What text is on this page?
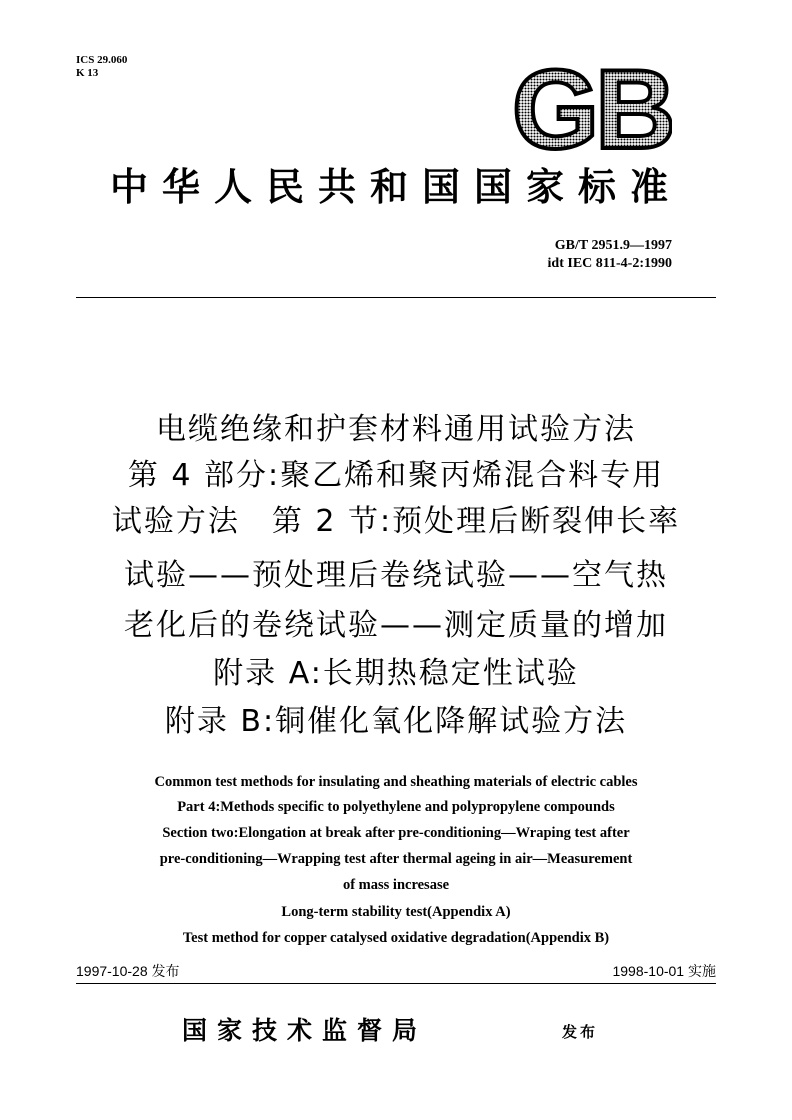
ICS 29.060
K 13	GB
中华人民共和国国家标准
GB/T 2951.9—1997
idt IEC 811-4-2:1990
电缆绝缘和护套材料通用试验方法
第 4 部分:聚乙烯和聚丙烯混合料专用
试验方法　第 2 节:预处理后断裂伸长率
试验——预处理后卷绕试验——空气热
老化后的卷绕试验——测定质量的增加
附录 A:长期热稳定性试验
附录 B:铜催化氧化降解试验方法
Common test methods for insulating and sheathing materials of electric cables
Part 4:Methods specific to polyethylene and polypropylene compounds
Section two:Elongation at break after pre-conditioning—Wraping test after
pre-conditioning—Wrapping test after thermal ageing in air—Measurement
of mass incresase
Long-term stability test(Appendix A)
Test method for copper catalysed oxidative degradation(Appendix B)
1997-10-28 发布	1998-10-01 实施
国家技术监督局	发布
